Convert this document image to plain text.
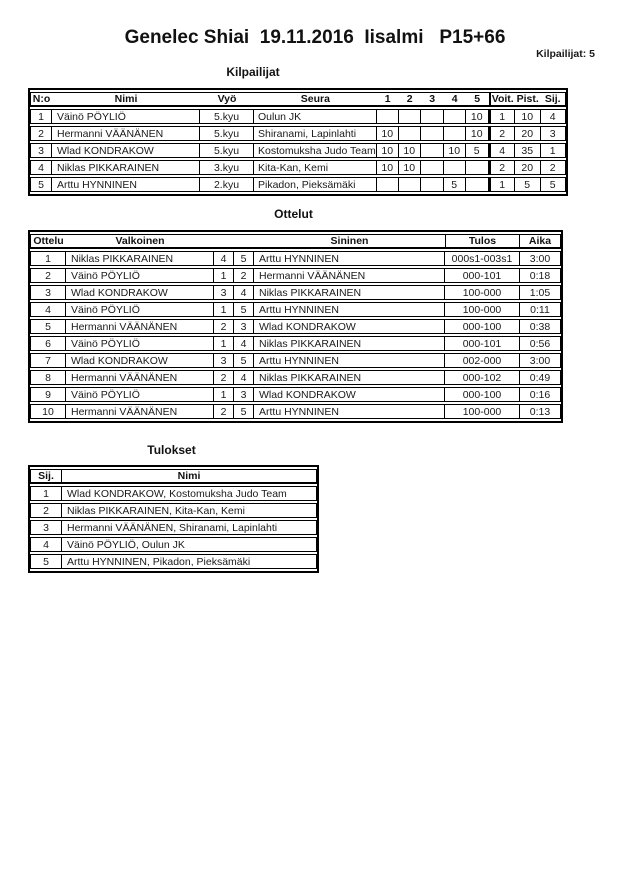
Genelec Shiai  19.11.2016  Iisalmi   P15+66
Kilpailijat: 5
Kilpailijat
N:o	Nimi	Vyö	Seura	1	2	3	4	5	Voit.	Pist.	Sij.
1	Väinö PÖYLIÖ	5.kyu	Oulun JK					10	1	10	4
2	Hermanni VÄÄNÄNEN	5.kyu	Shiranami, Lapinlahti	10				10	2	20	3
3	Wlad KONDRAKOW	5.kyu	Kostomuksha Judo Team	10	10		10	5	4	35	1
4	Niklas PIKKARAINEN	3.kyu	Kita-Kan, Kemi	10	10				2	20	2
5	Arttu HYNNINEN	2.kyu	Pikadon, Pieksämäki				5		1	5	5
Ottelut
Ottelu	Valkoinen			Sininen	Tulos	Aika
1	Niklas PIKKARAINEN	4	5	Arttu HYNNINEN	000s1-003s1	3:00
2	Väinö PÖYLIÖ	1	2	Hermanni VÄÄNÄNEN	000-101	0:18
3	Wlad KONDRAKOW	3	4	Niklas PIKKARAINEN	100-000	1:05
4	Väinö PÖYLIÖ	1	5	Arttu HYNNINEN	100-000	0:11
5	Hermanni VÄÄNÄNEN	2	3	Wlad KONDRAKOW	000-100	0:38
6	Väinö PÖYLIÖ	1	4	Niklas PIKKARAINEN	000-101	0:56
7	Wlad KONDRAKOW	3	5	Arttu HYNNINEN	002-000	3:00
8	Hermanni VÄÄNÄNEN	2	4	Niklas PIKKARAINEN	000-102	0:49
9	Väinö PÖYLIÖ	1	3	Wlad KONDRAKOW	000-100	0:16
10	Hermanni VÄÄNÄNEN	2	5	Arttu HYNNINEN	100-000	0:13
Tulokset
Sij.	Nimi
1	Wlad KONDRAKOW, Kostomuksha Judo Team
2	Niklas PIKKARAINEN, Kita-Kan, Kemi
3	Hermanni VÄÄNÄNEN, Shiranami, Lapinlahti
4	Väinö PÖYLIÖ, Oulun JK
5	Arttu HYNNINEN, Pikadon, Pieksämäki
